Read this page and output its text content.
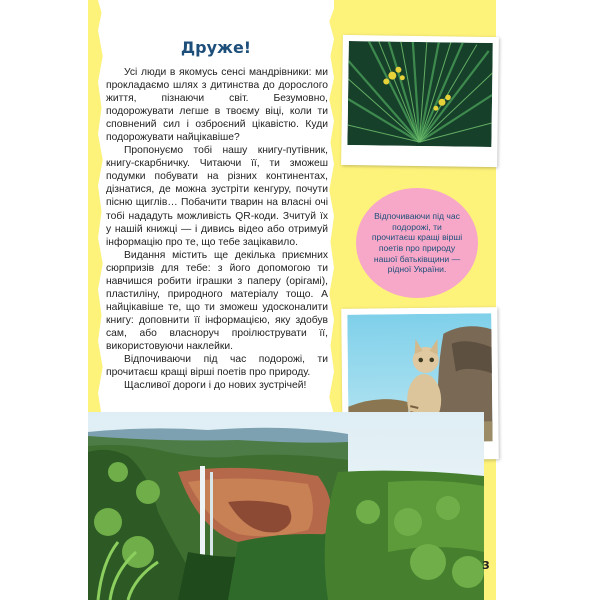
Друже!

Усі люди в якомусь сенсі мандрівники: ми прокладаємо шлях з дитинства до дорослого життя, пізнаючи світ. Безумовно, подорожувати легше в твоєму віці, коли ти сповнений сил і озброєний цікавістю. Куди подорожувати найцікавіше?

Пропонуємо тобі нашу книгу-путівник, книгу-скарбничку. Читаючи її, ти зможеш подумки побувати на різних континентах, дізнатися, де можна зустріти кенгуру, почути пісню щиглів… Побачити тварин на власні очі тобі нададуть можливість QR-коди. Зчитуй їх у нашій книжці — і дивись відео або отримуй інформацію про те, що тебе зацікавило.

Видання містить ще декілька приємних сюрпризів для тебе: з його допомогою ти навчишся робити іграшки з паперу (орігамі), пластиліну, природного матеріалу тощо. А найцікавіше те, що ти зможеш удосконалити книгу: доповнити її інформацією, яку здобув сам, або власноруч проілюструвати її, використовуючи наклейки.

Відпочиваючи під час подорожі, ти прочитаєш кращі вірші поетів про природу.

Щасливої дороги і до нових зустрічей!

Відпочиваючи під час подорожі, ти прочитаєш кращі вірші поетів про природу нашої батьківщини — рідної України.
3
